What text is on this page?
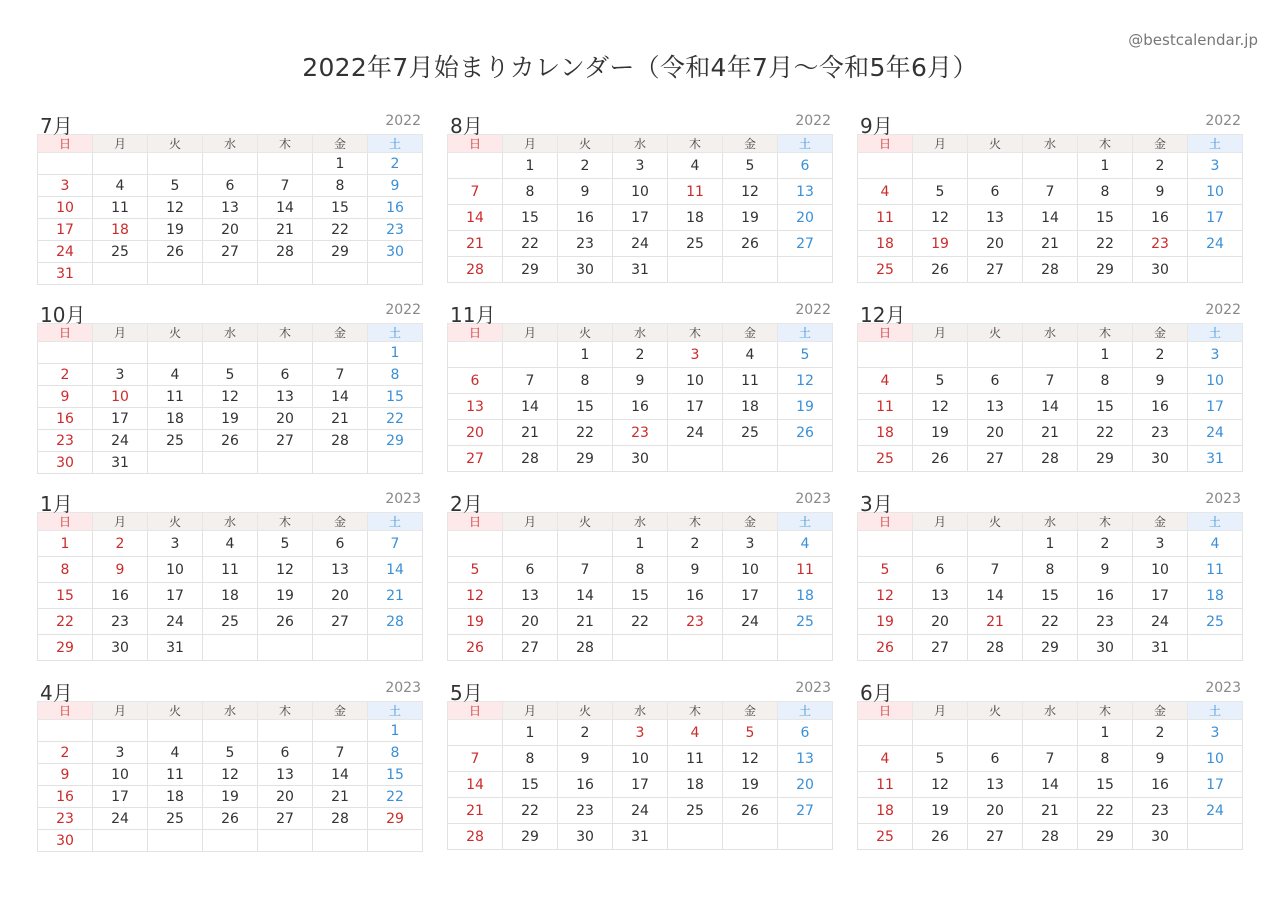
@bestcalendar.jp
2022年7月始まりカレンダー（令和4年7月〜令和5年6月）
7月	2022
日	月	火	水	木	金	土
					1	2
3	4	5	6	7	8	9
10	11	12	13	14	15	16
17	18	19	20	21	22	23
24	25	26	27	28	29	30
31						
8月	2022
日	月	火	水	木	金	土
	1	2	3	4	5	6
7	8	9	10	11	12	13
14	15	16	17	18	19	20
21	22	23	24	25	26	27
28	29	30	31			
9月	2022
日	月	火	水	木	金	土
				1	2	3
4	5	6	7	8	9	10
11	12	13	14	15	16	17
18	19	20	21	22	23	24
25	26	27	28	29	30	
10月	2022
日	月	火	水	木	金	土
						1
2	3	4	5	6	7	8
9	10	11	12	13	14	15
16	17	18	19	20	21	22
23	24	25	26	27	28	29
30	31					
11月	2022
日	月	火	水	木	金	土
		1	2	3	4	5
6	7	8	9	10	11	12
13	14	15	16	17	18	19
20	21	22	23	24	25	26
27	28	29	30			
12月	2022
日	月	火	水	木	金	土
				1	2	3
4	5	6	7	8	9	10
11	12	13	14	15	16	17
18	19	20	21	22	23	24
25	26	27	28	29	30	31
1月	2023
日	月	火	水	木	金	土
1	2	3	4	5	6	7
8	9	10	11	12	13	14
15	16	17	18	19	20	21
22	23	24	25	26	27	28
29	30	31				
2月	2023
日	月	火	水	木	金	土
			1	2	3	4
5	6	7	8	9	10	11
12	13	14	15	16	17	18
19	20	21	22	23	24	25
26	27	28				
3月	2023
日	月	火	水	木	金	土
			1	2	3	4
5	6	7	8	9	10	11
12	13	14	15	16	17	18
19	20	21	22	23	24	25
26	27	28	29	30	31	
4月	2023
日	月	火	水	木	金	土
						1
2	3	4	5	6	7	8
9	10	11	12	13	14	15
16	17	18	19	20	21	22
23	24	25	26	27	28	29
30						
5月	2023
日	月	火	水	木	金	土
	1	2	3	4	5	6
7	8	9	10	11	12	13
14	15	16	17	18	19	20
21	22	23	24	25	26	27
28	29	30	31			
6月	2023
日	月	火	水	木	金	土
				1	2	3
4	5	6	7	8	9	10
11	12	13	14	15	16	17
18	19	20	21	22	23	24
25	26	27	28	29	30	
